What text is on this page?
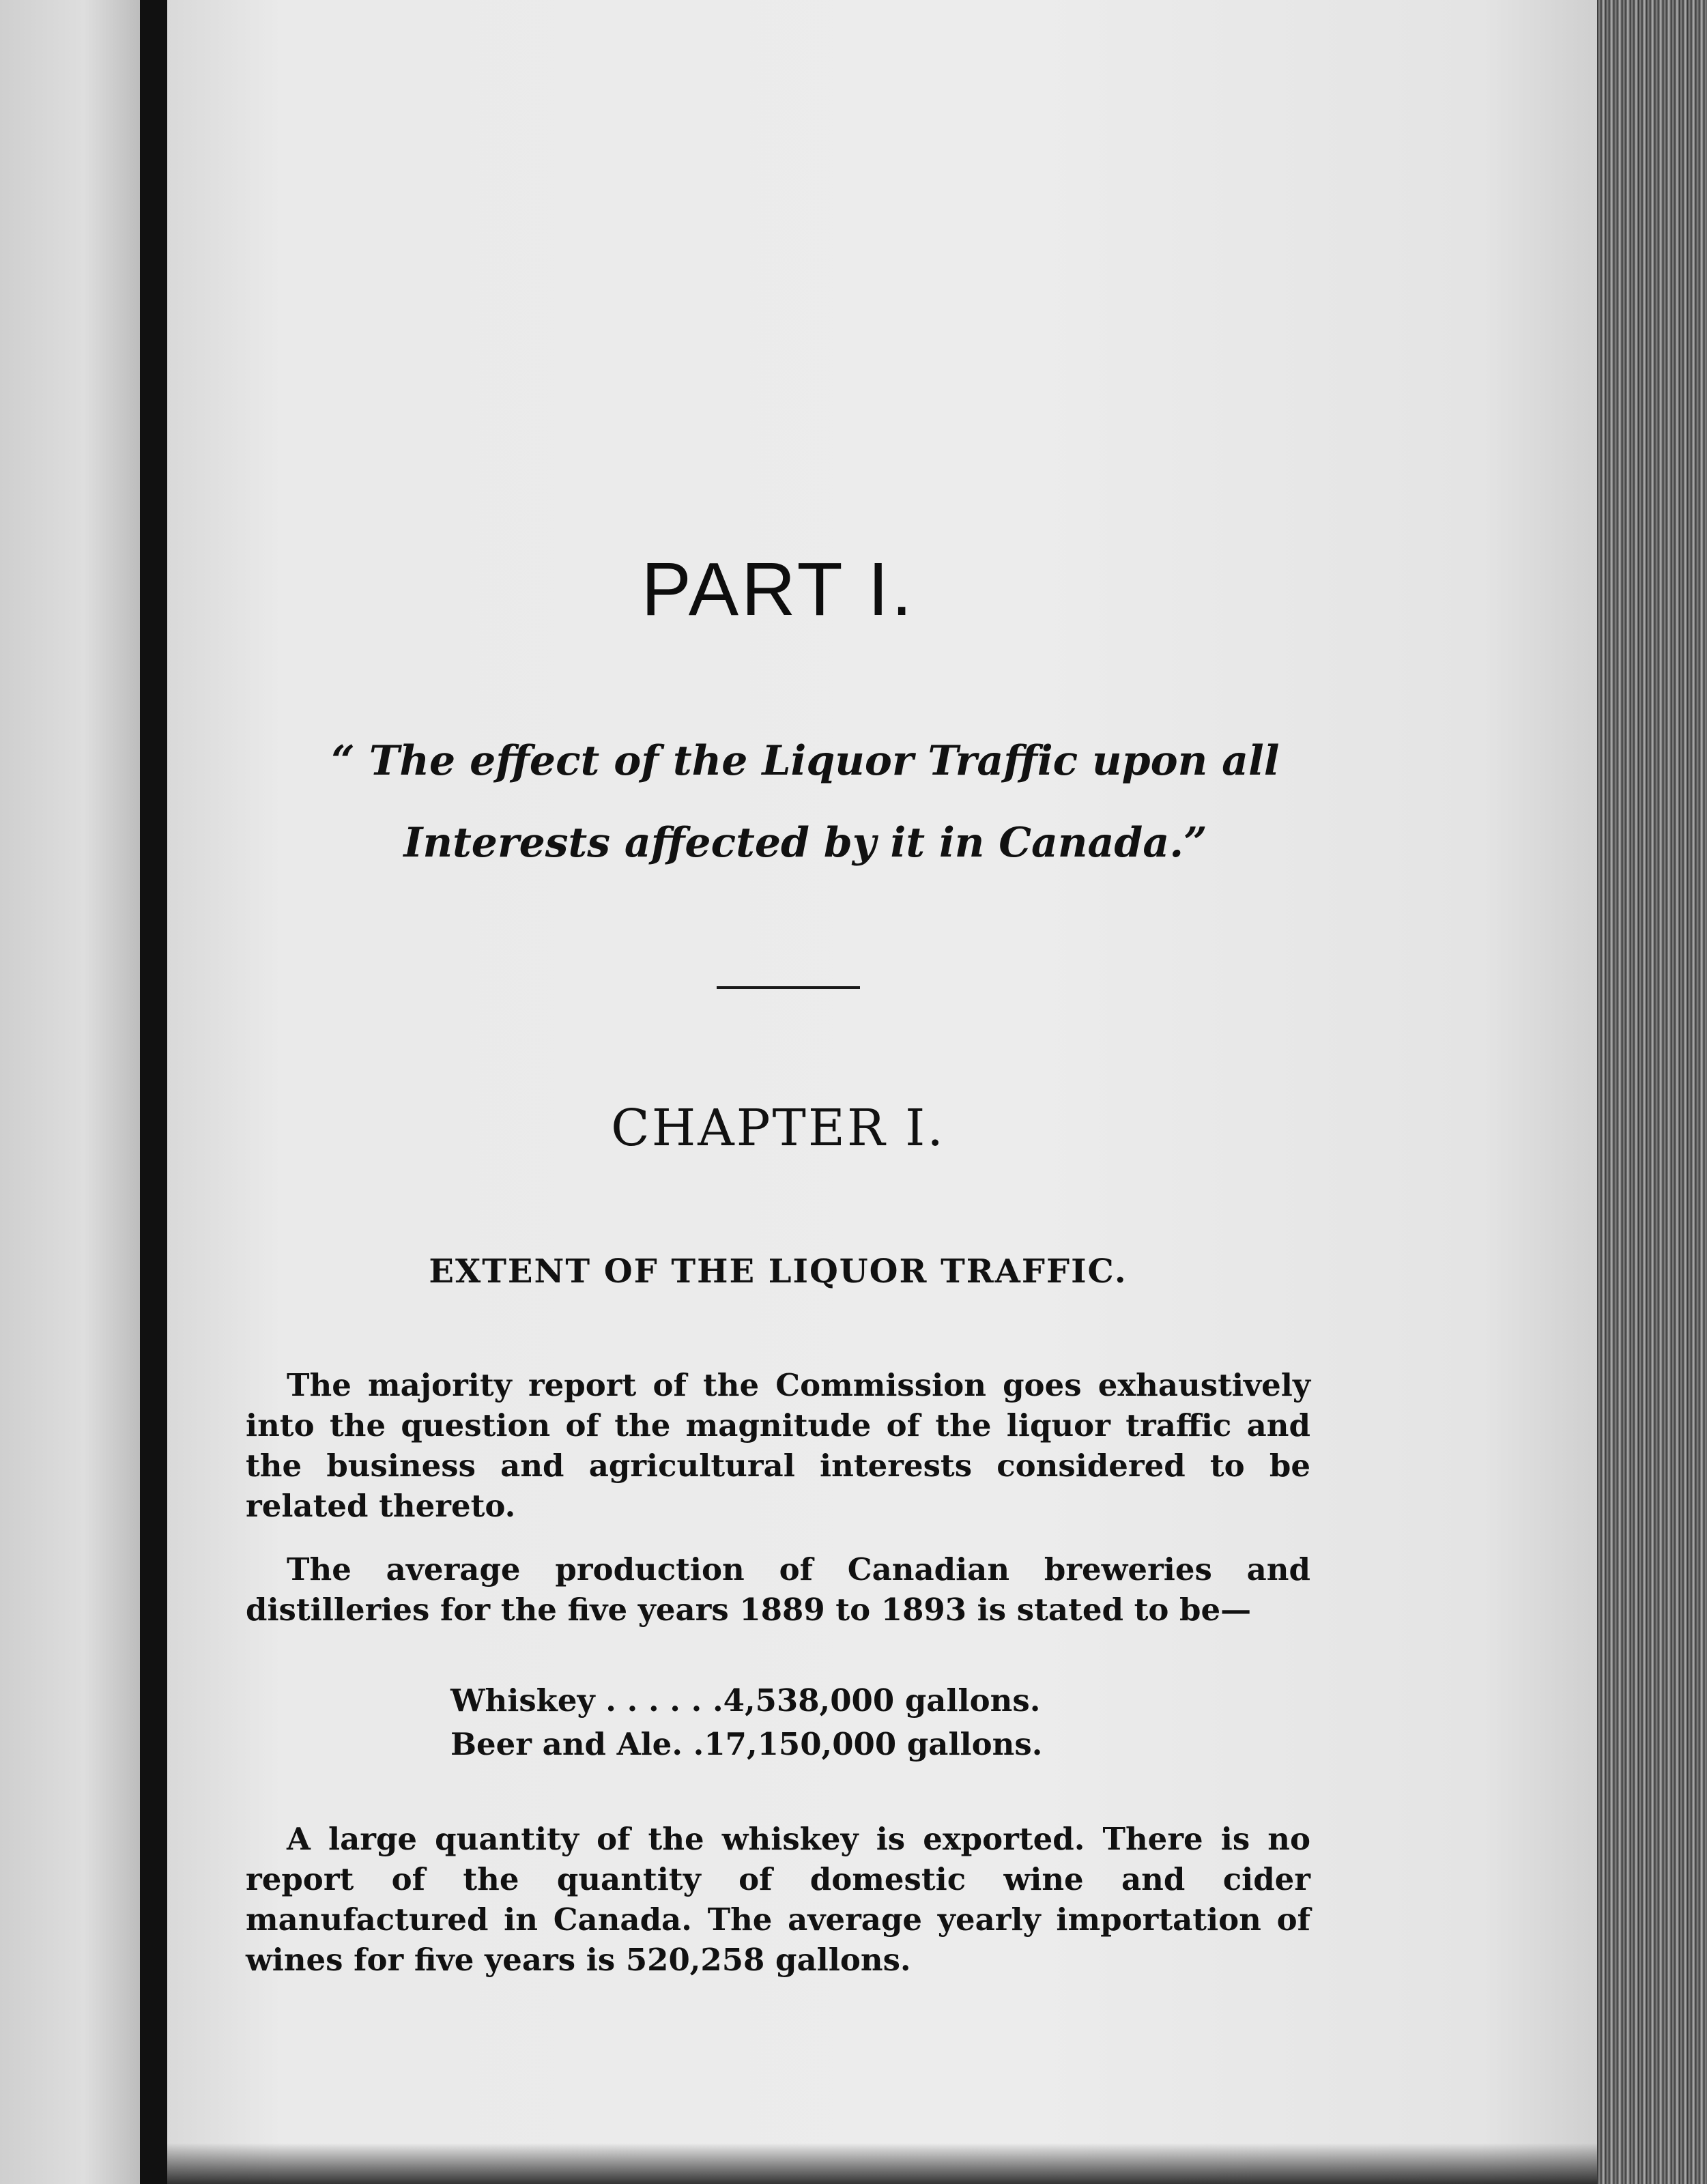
PART I.
“ The effect of the Liquor Traffic upon all Interests affected by it in Canada.”
CHAPTER I.
EXTENT OF THE LIQUOR TRAFFIC.
The majority report of the Commission goes exhaustively into the question of the magnitude of the liquor traffic and the business and agricultural interests considered to be related thereto.
The average production of Canadian breweries and distilleries for the five years 1889 to 1893 is stated to be—
Whiskey . . . . . . 4,538,000 gallons.
Beer and Ale . . 17,150,000 gallons.
A large quantity of the whiskey is exported. There is no report of the quantity of domestic wine and cider manufactured in Canada. The average yearly importation of wines for five years is 520,258 gallons.
